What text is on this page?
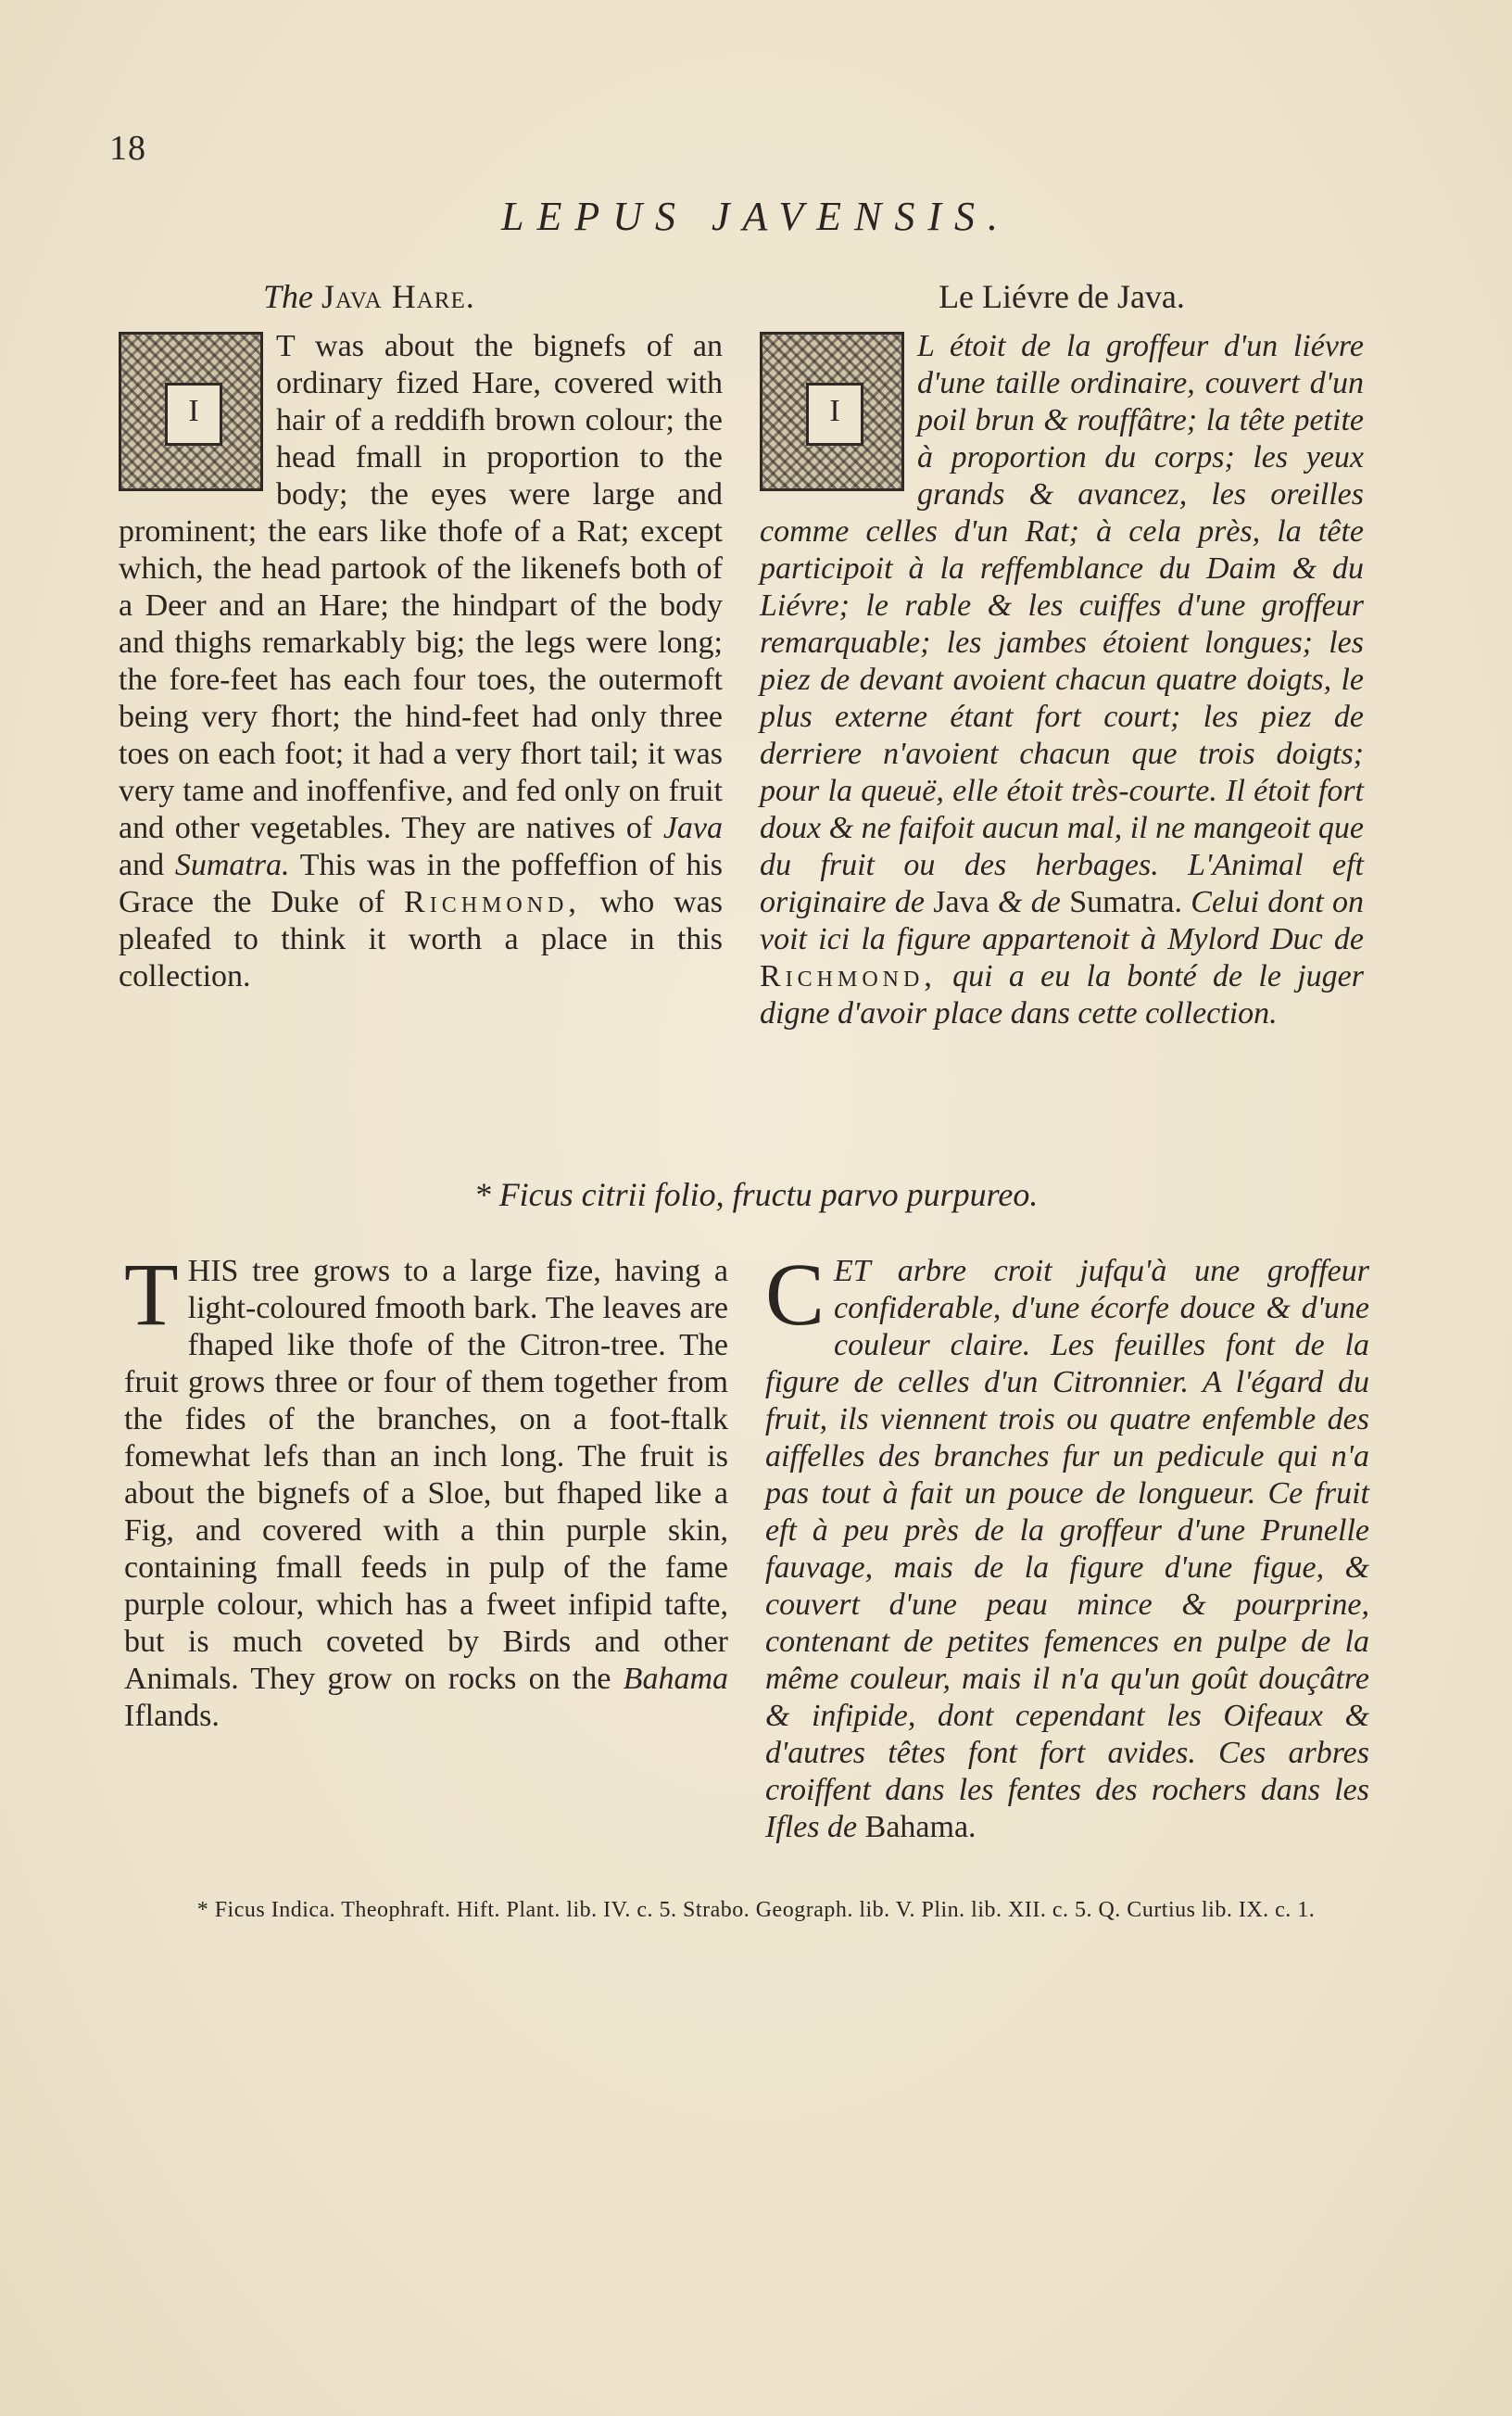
18
LEPUS JAVENSIS.
The Java Hare.
I
T was about the bignefs of an ordinary fized Hare, covered with hair of a reddifh brown colour; the head fmall in proportion to the body; the eyes were large and prominent; the ears like thofe of a Rat; except which, the head partook of the likenefs both of a Deer and an Hare; the hindpart of the body and thighs remarkably big; the legs were long; the fore-feet has each four toes, the outermoft being very fhort; the hind-feet had only three toes on each foot; it had a very fhort tail; it was very tame and inoffenfive, and fed only on fruit and other vegetables. They are natives of Java and Sumatra. This was in the poffeffion of his Grace the Duke of Richmond, who was pleafed to think it worth a place in this collection.
Le Liévre de Java.
I
L étoit de la groffeur d'un liévre d'une taille ordinaire, couvert d'un poil brun & rouffâtre; la tête petite à proportion du corps; les yeux grands & avancez, les oreilles comme celles d'un Rat; à cela près, la tête participoit à la reffemblance du Daim & du Liévre; le rable & les cuiffes d'une groffeur remarquable; les jambes étoient longues; les piez de devant avoient chacun quatre doigts, le plus externe étant fort court; les piez de derriere n'avoient chacun que trois doigts; pour la queuë, elle étoit très-courte. Il étoit fort doux & ne faifoit aucun mal, il ne mangeoit que du fruit ou des herbages. L'Animal eft originaire de Java & de Sumatra. Celui dont on voit ici la figure appartenoit à Mylord Duc de Richmond, qui a eu la bonté de le juger digne d'avoir place dans cette collection.
* Ficus citrii folio, fructu parvo purpureo.
T HIS tree grows to a large fize, having a light-coloured fmooth bark. The leaves are fhaped like thofe of the Citron-tree. The fruit grows three or four of them together from the fides of the branches, on a foot-ftalk fomewhat lefs than an inch long. The fruit is about the bignefs of a Sloe, but fhaped like a Fig, and covered with a thin purple skin, containing fmall feeds in pulp of the fame purple colour, which has a fweet infipid tafte, but is much coveted by Birds and other Animals. They grow on rocks on the Bahama Iflands.
C ET arbre croit jufqu'à une groffeur confiderable, d'une écorfe douce & d'une couleur claire. Les feuilles font de la figure de celles d'un Citronnier. A l'égard du fruit, ils viennent trois ou quatre enfemble des aiffelles des branches fur un pedicule qui n'a pas tout à fait un pouce de longueur. Ce fruit eft à peu près de la groffeur d'une Prunelle fauvage, mais de la figure d'une figue, & couvert d'une peau mince & pourprine, contenant de petites femences en pulpe de la même couleur, mais il n'a qu'un goût douçâtre & infipide, dont cependant les Oifeaux & d'autres têtes font fort avides. Ces arbres croiffent dans les fentes des rochers dans les Ifles de Bahama.
* Ficus Indica. Theophraft. Hift. Plant. lib. IV. c. 5. Strabo. Geograph. lib. V. Plin. lib. XII. c. 5. Q. Curtius lib. IX. c. 1.
